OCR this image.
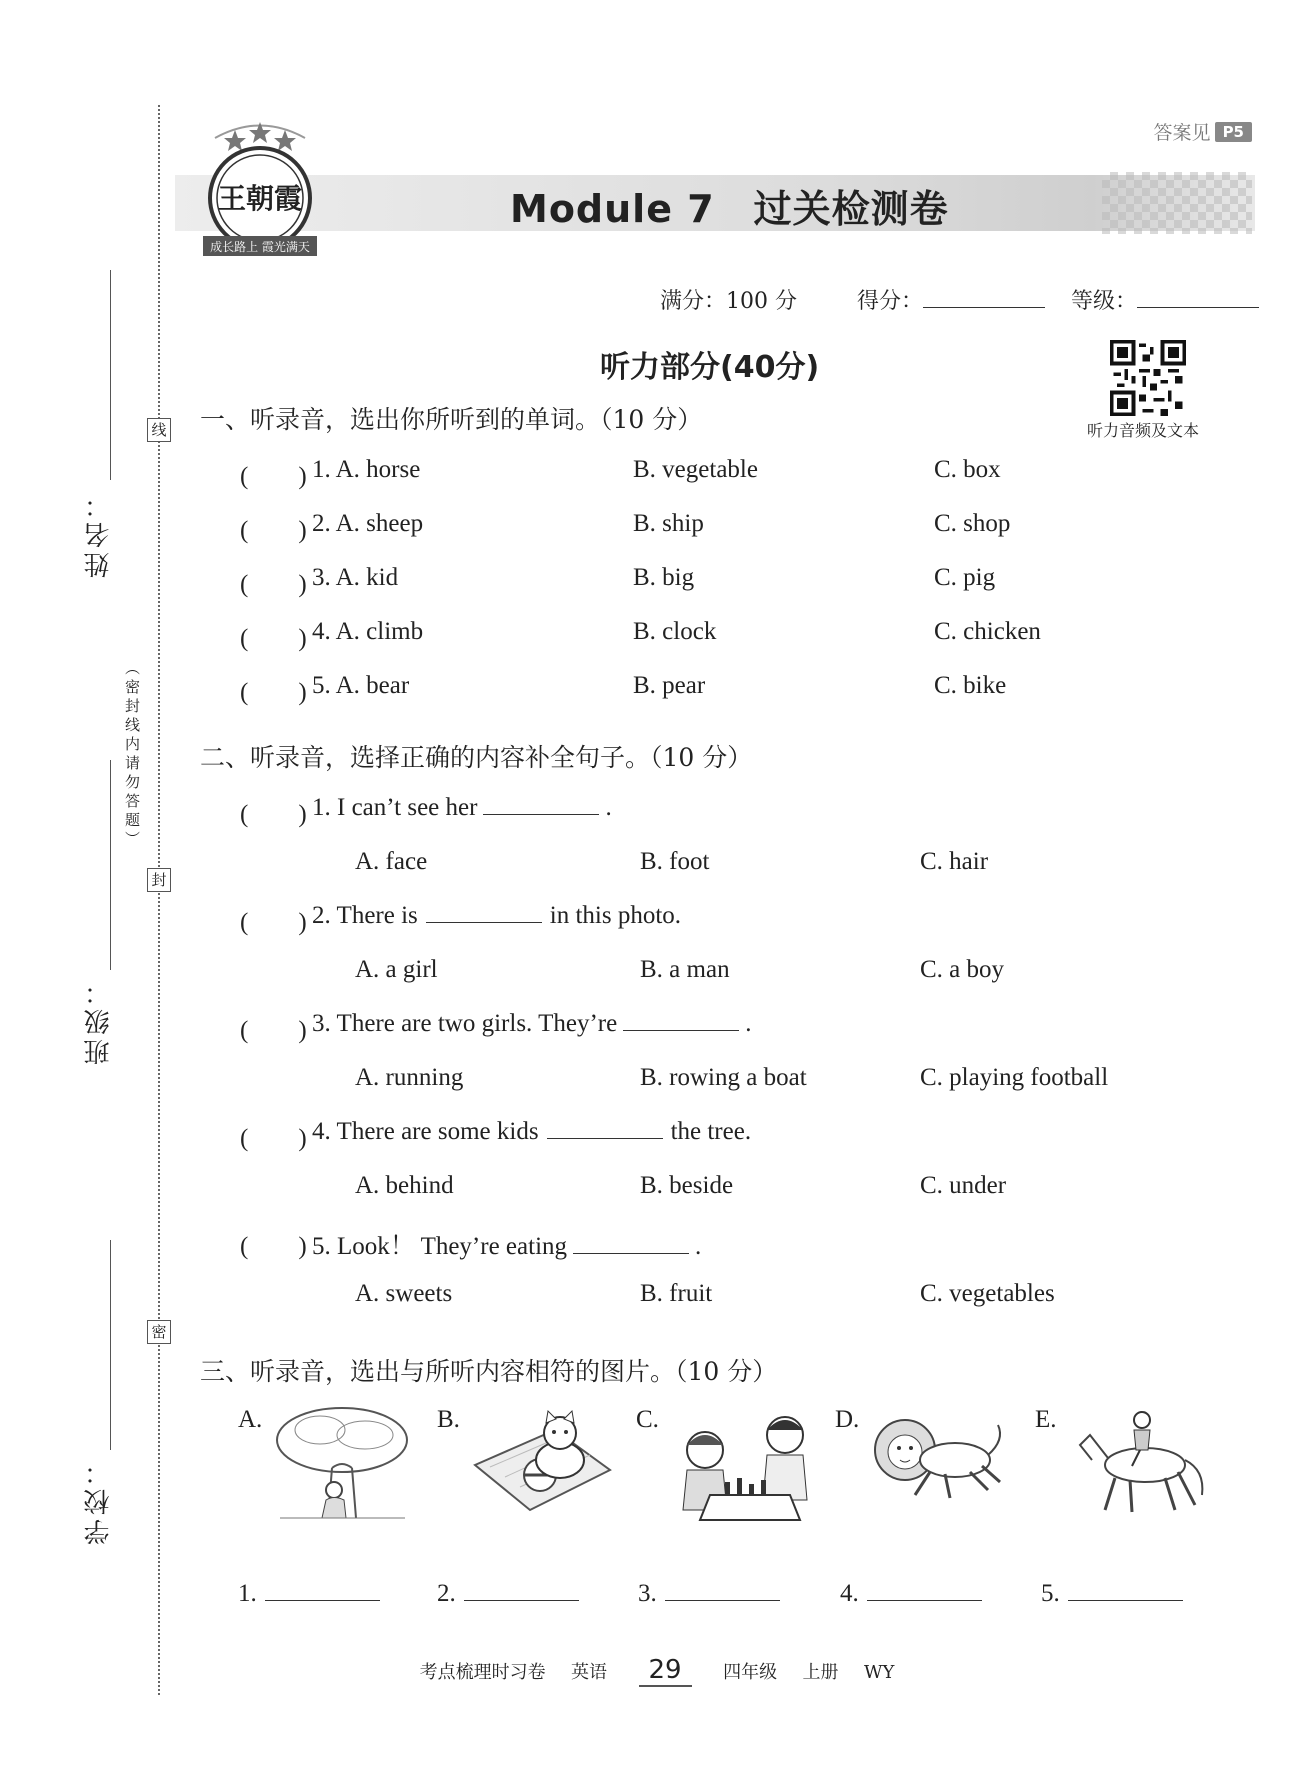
姓名：
班级：
学校：
线
封
密
（密封线内请勿答题）
王朝霞
成长路上 霞光满天
答案见 P5
Module 7　过关检测卷
满分：100 分	得分：	等级：
听力部分(40分)
听力音频及文本
一、听录音，选出你所听到的单词。（10 分）
(　　) 1. A. horse	B. vegetable	C. box
(　　) 2. A. sheep	B. ship	C. shop
(　　) 3. A. kid	B. big	C. pig
(　　) 4. A. climb	B. clock	C. chicken
(　　) 5. A. bear	B. pear	C. bike
二、听录音，选择正确的内容补全句子。（10 分）
(　　) 1. I can’t see her	.
A. face	B. foot	C. hair
(　　) 2. There is	in this photo.
A. a girl	B. a man	C. a boy
(　　) 3. There are two girls. They’re	.
A. running	B. rowing a boat	C. playing football
(　　) 4. There are some kids	the tree.
A. behind	B. beside	C. under
(　　) 5. Look！ They’re eating	.
A. sweets	B. fruit	C. vegetables
三、听录音，选出与所听内容相符的图片。（10 分）
A.	B.	C.	D.	E.
1.	2.	3.	4.	5.
考点梳理时习卷 英语 29 四年级 上册 WY
